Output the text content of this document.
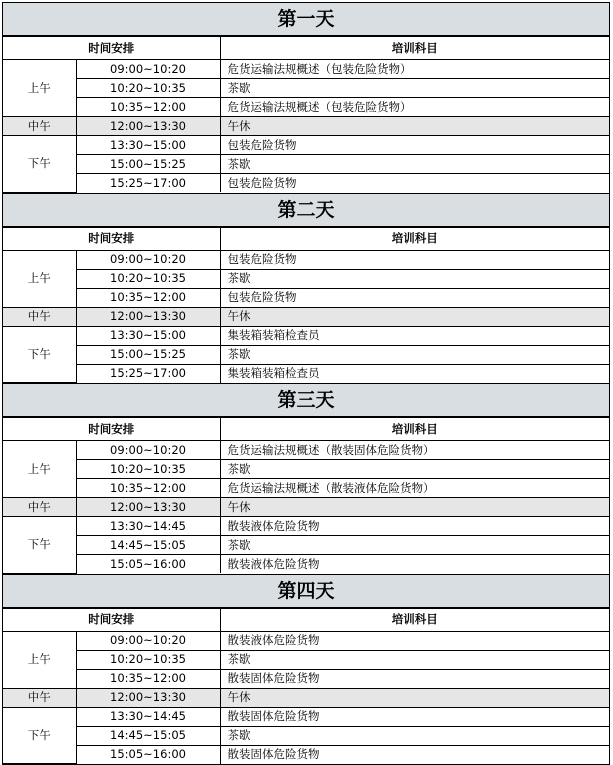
第一天
时间安排		培训科目
上午	09:00~10:20	危货运输法规概述（包装危险货物）
	10:20~10:35	茶歇
	10:35~12:00	危货运输法规概述（包装危险货物）
中午	12:00~13:30	午休
下午	13:30~15:00	包装危险货物
	15:00~15:25	茶歇
	15:25~17:00	包装危险货物
第二天
时间安排		培训科目
上午	09:00~10:20	包装危险货物
	10:20~10:35	茶歇
	10:35~12:00	包装危险货物
中午	12:00~13:30	午休
下午	13:30~15:00	集装箱装箱检查员
	15:00~15:25	茶歇
	15:25~17:00	集装箱装箱检查员
第三天
时间安排		培训科目
上午	09:00~10:20	危货运输法规概述（散装固体危险货物）
	10:20~10:35	茶歇
	10:35~12:00	危货运输法规概述（散装液体危险货物）
中午	12:00~13:30	午休
下午	13:30~14:45	散装液体危险货物
	14:45~15:05	茶歇
	15:05~16:00	散装液体危险货物
第四天
时间安排		培训科目
上午	09:00~10:20	散装液体危险货物
	10:20~10:35	茶歇
	10:35~12:00	散装固体危险货物
中午	12:00~13:30	午休
下午	13:30~14:45	散装固体危险货物
	14:45~15:05	茶歇
	15:05~16:00	散装固体危险货物
